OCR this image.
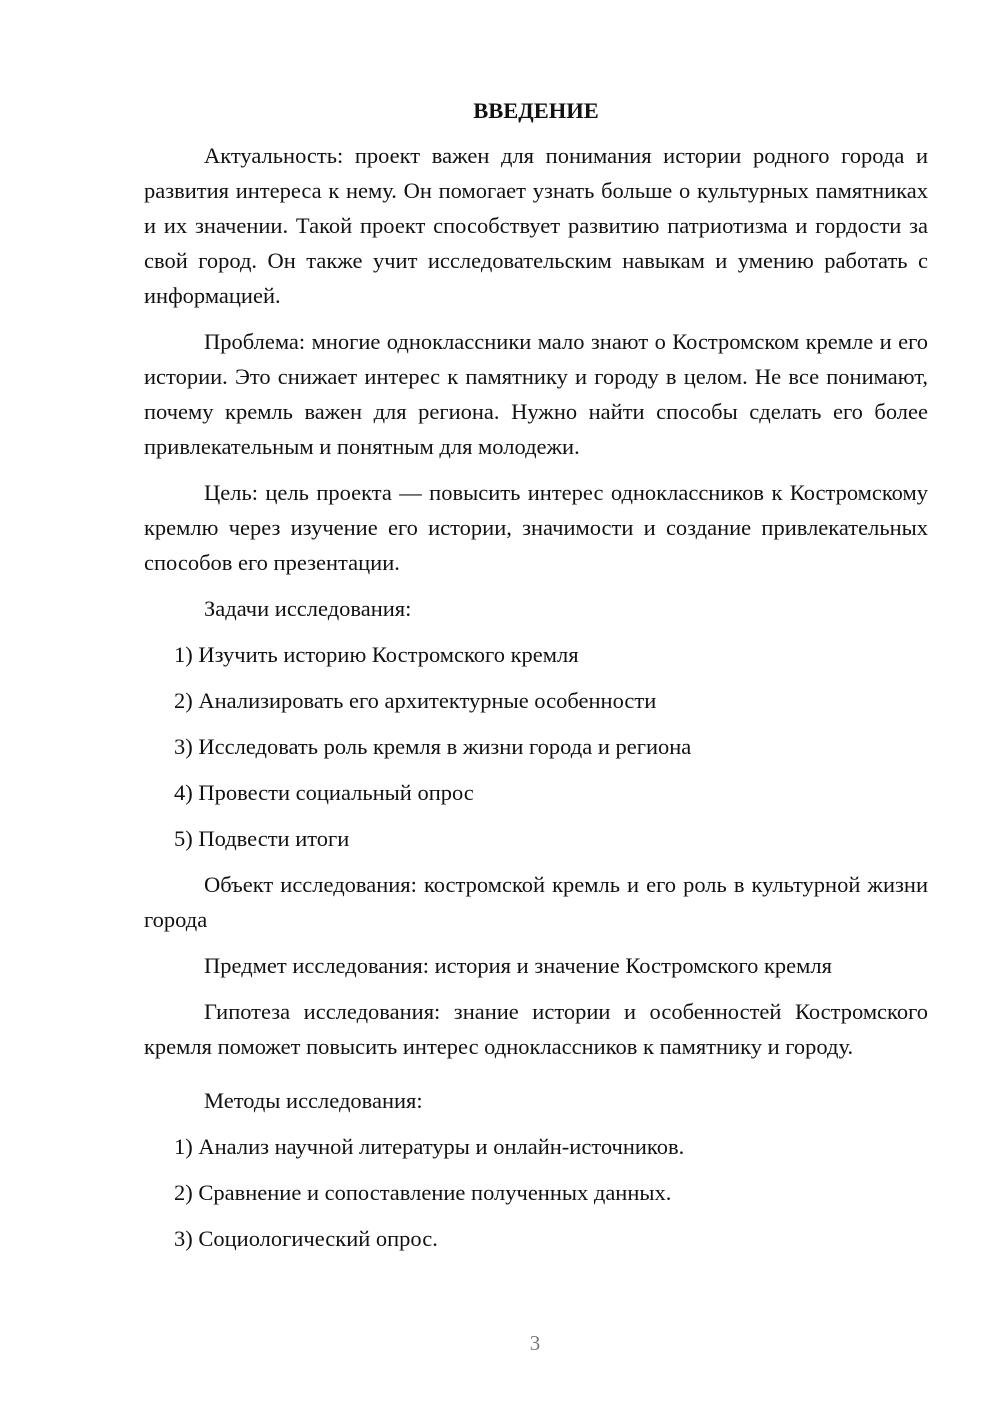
ВВЕДЕНИЕ

Актуальность: проект важен для понимания истории родного города и развития интереса к нему. Он помогает узнать больше о культурных памятниках и их значении. Такой проект способствует развитию патриотизма и гордости за свой город. Он также учит исследовательским навыкам и умению работать с информацией.

Проблема: многие одноклассники мало знают о Костромском кремле и его истории. Это снижает интерес к памятнику и городу в целом. Не все понимают, почему кремль важен для региона. Нужно найти способы сделать его более привлекательным и понятным для молодежи.

Цель: цель проекта — повысить интерес одноклассников к Костромскому кремлю через изучение его истории, значимости и создание привлекательных способов его презентации.

Задачи исследования:

1) Изучить историю Костромского кремля
2) Анализировать его архитектурные особенности
3) Исследовать роль кремля в жизни города и региона
4) Провести социальный опрос
5) Подвести итоги

Объект исследования: костромской кремль и его роль в культурной жизни города

Предмет исследования: история и значение Костромского кремля

Гипотеза исследования: знание истории и особенностей Костромского кремля поможет повысить интерес одноклассников к памятнику и городу.

Методы исследования:

1) Анализ научной литературы и онлайн-источников.
2) Сравнение и сопоставление полученных данных.
3) Социологический опрос.
3
